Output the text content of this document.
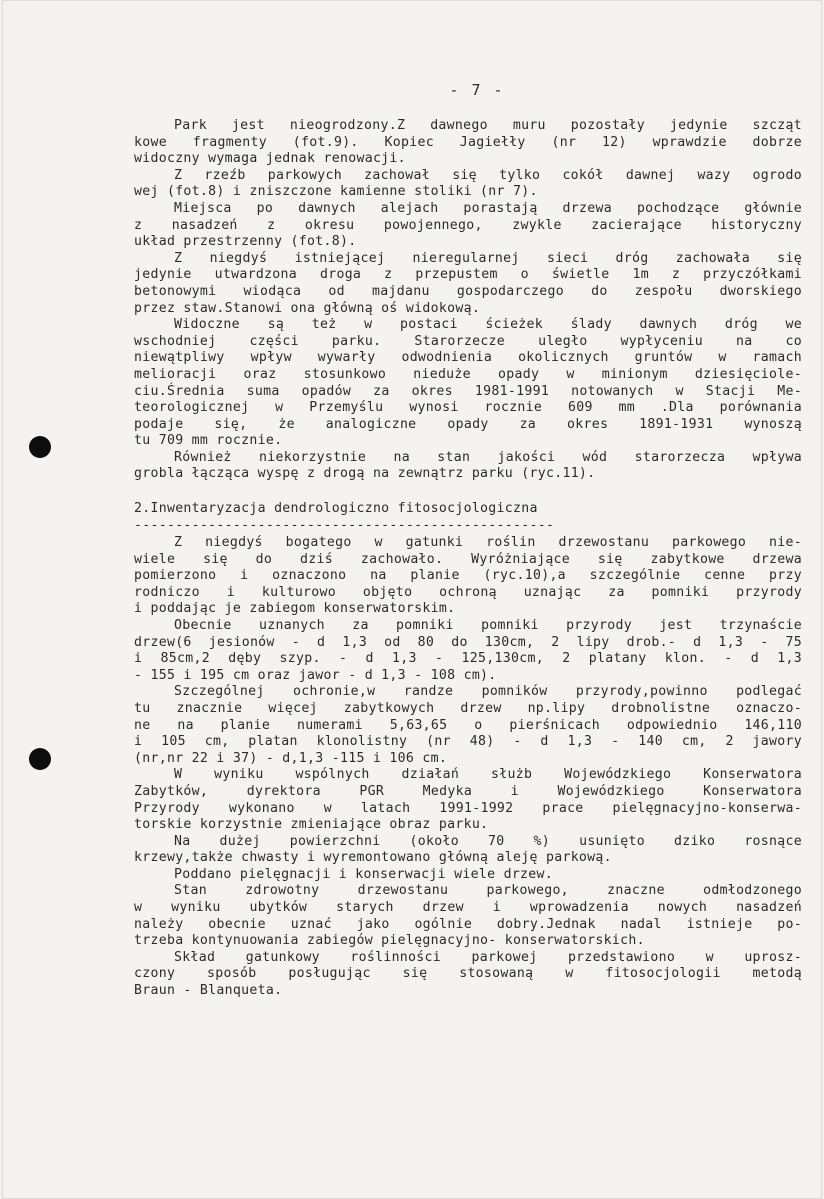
- 7 -
Park jest nieogrodzony.Z dawnego muru pozostały jedynie szcząt
kowe fragmenty (fot.9). Kopiec Jagiełły (nr 12) wprawdzie dobrze
widoczny wymaga jednak renowacji.
Z rzeźb parkowych zachował się tylko cokół dawnej wazy ogrodo
wej (fot.8) i zniszczone kamienne stoliki (nr 7).
Miejsca po dawnych alejach porastają drzewa pochodzące głównie
z nasadzeń z okresu powojennego, zwykle zacierające historyczny
układ przestrzenny (fot.8).
Z niegdyś istniejącej nieregularnej sieci dróg zachowała się
jedynie utwardzona droga z przepustem o świetle 1m z przyczółkami
betonowymi wiodąca od majdanu gospodarczego do zespołu dworskiego
przez staw.Stanowi ona główną oś widokową.
Widoczne są też w postaci ścieżek ślady dawnych dróg we
wschodniej części parku. Starorzecze uległo wypłyceniu na co
niewątpliwy wpływ wywarły odwodnienia okolicznych gruntów w ramach
melioracji oraz stosunkowo niedużе opady w minionym dziesięciole-
ciu.Średnia suma opadów za okres 1981-1991 notowanych w Stacji Me-
teorologicznej w Przemyślu wynosi rocznie 609 mm .Dla porównania
podaje się, że analogiczne opady za okres 1891-1931 wynoszą
tu 709 mm rocznie.
Również niekorzystnie na stan jakości wód starorzecza wpływa
grobla łącząca wyspę z drogą na zewnątrz parku (ryc.11).
2.Inwentaryzacja dendrologiczno fitosocjologiczna
---------------------------------------------------
Z niegdyś bogatego w gatunki roślin drzewostanu parkowego nie-
wiele się do dziś zachowało. Wyróżniające się zabytkowe drzewa
pomierzono i oznaczono na planie (ryc.10),a szczególnie cenne przy
rodniczo i kulturowo objęto ochroną uznając za pomniki przyrody
i poddając je zabiegom konserwatorskim.
Obecnie uznanych za pomniki pomniki przyrody jest trzynaście
drzew(6 jesionów - d 1,3 od 80 do 130cm, 2 lipy drob.- d 1,3 - 75
i 85cm,2 dęby szyp. - d 1,3 - 125,130cm, 2 platany klon. - d 1,3
- 155 i 195 cm oraz jawor - d 1,3 - 108 cm).
Szczególnej ochronie,w randze pomników przyrody,powinno podlegać
tu znacznie więcej zabytkowych drzew np.lipy drobnolistne oznaczo-
ne na planie numerami 5,63,65 o pierśnicach odpowiednio 146,110
i 105 cm, platan klonolistny (nr 48) - d 1,3 - 140 cm, 2 jawory
(nr,nr 22 i 37) - d,1,3 -115 i 106 cm.
W wyniku wspólnych działań służb Wojewódzkiego Konserwatora
Zabytków, dyrektora PGR Medyka i Wojewódzkiego Konserwatora
Przyrody wykonano w latach 1991-1992 prace pielęgnacyjno-konserwa-
torskie korzystnie zmieniające obraz parku.
Na dużej powierzchni (około 70 %) usunięto dziko rosnące
krzewy,także chwasty i wyremontowano główną aleję parkową.
Poddano pielęgnacji i konserwacji wiele drzew.
Stan zdrowotny drzewostanu parkowego, znaczne odmłodzonego
w wyniku ubytków starych drzew i wprowadzenia nowych nasadzeń
należy obecnie uznać jako ogólnie dobry.Jednak nadal istnieje po-
trzeba kontynuowania zabiegów pielęgnacyjno- konserwatorskich.
Skład gatunkowy roślinności parkowej przedstawiono w uprosz-
czony sposób posługując się stosowaną w fitosocjologii metodą
Braun - Blanqueta.
